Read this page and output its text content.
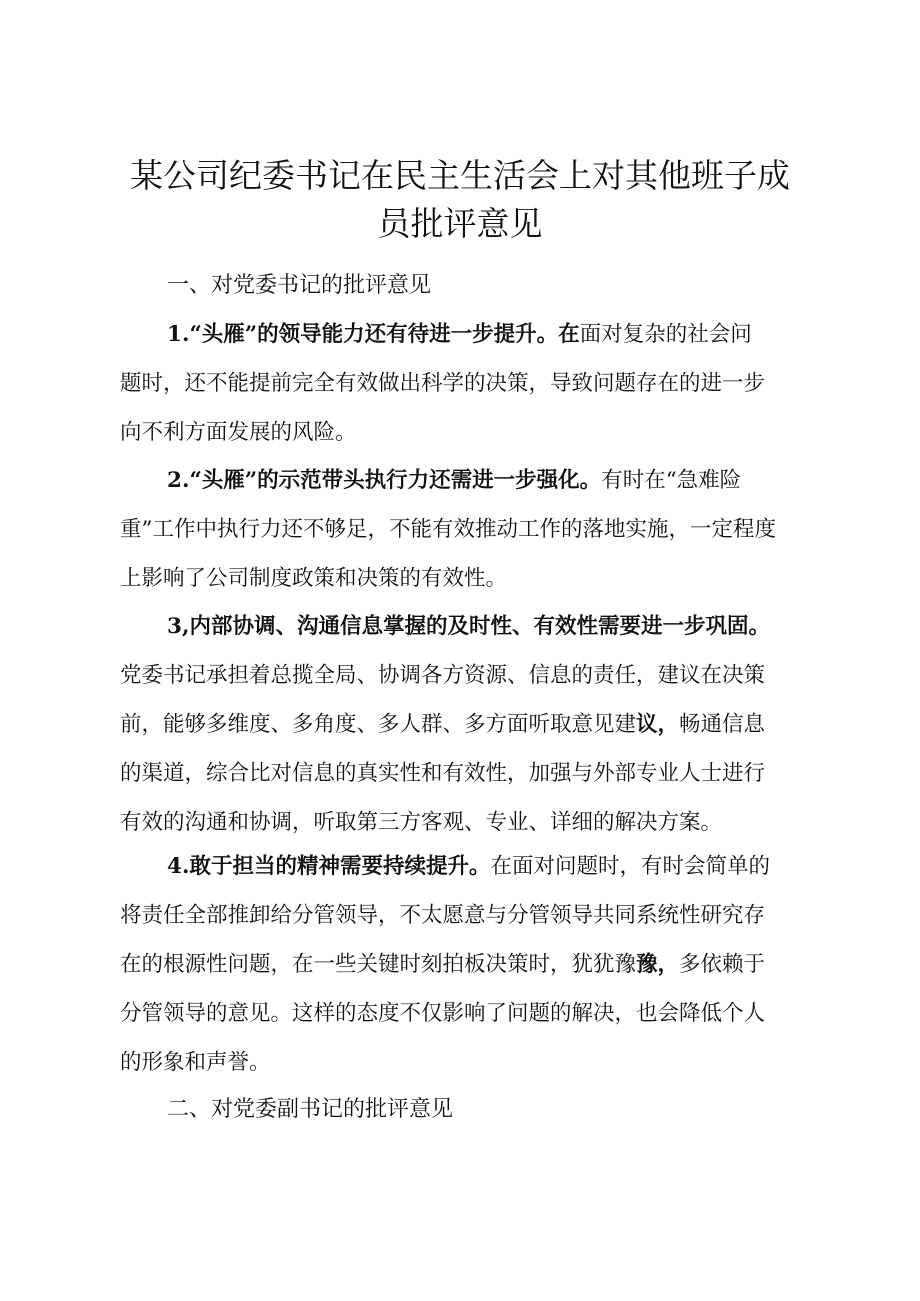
某公司纪委书记在民主生活会上对其他班子成
员批评意见
一、对党委书记的批评意见
1.“头雁”的领导能力还有待进一步提升。在面对复杂的社会问
题时，还不能提前完全有效做出科学的决策，导致问题存在的进一步
向不利方面发展的风险。
2.“头雁”的示范带头执行力还需进一步强化。有时在“急难险
重”工作中执行力还不够足，不能有效推动工作的落地实施，一定程度
上影响了公司制度政策和决策的有效性。
3,内部协调、沟通信息掌握的及时性、有效性需要进一步巩固。
党委书记承担着总揽全局、协调各方资源、信息的责任，建议在决策
前，能够多维度、多角度、多人群、多方面听取意见建议，畅通信息
的渠道，综合比对信息的真实性和有效性，加强与外部专业人士进行
有效的沟通和协调，听取第三方客观、专业、详细的解决方案。
4.敢于担当的精神需要持续提升。在面对问题时，有时会简单的
将责任全部推卸给分管领导，不太愿意与分管领导共同系统性研究存
在的根源性问题，在一些关键时刻拍板决策时，犹犹豫豫，多依赖于
分管领导的意见。这样的态度不仅影响了问题的解决，也会降低个人
的形象和声誉。
二、对党委副书记的批评意见
